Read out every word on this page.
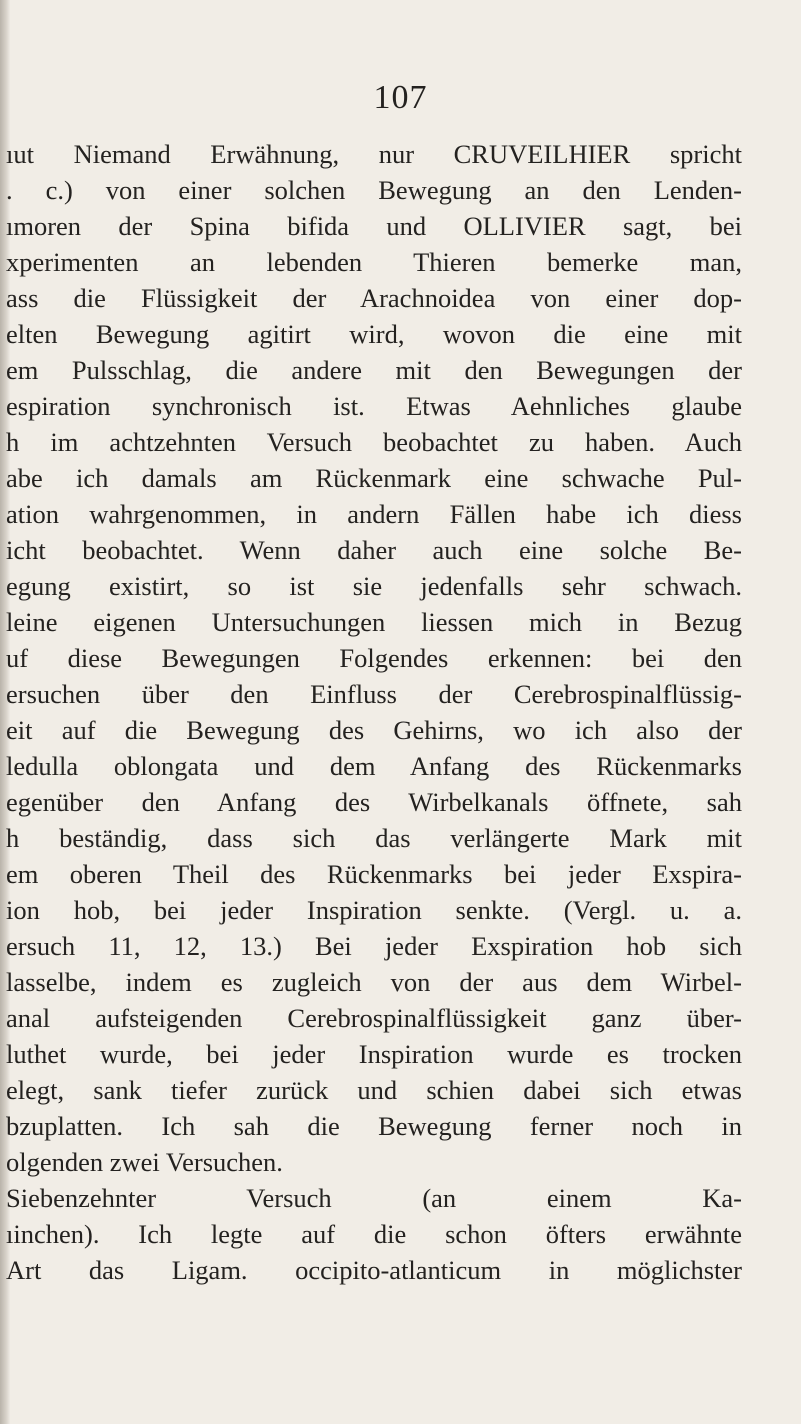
107
ıut Niemand Erwähnung, nur CRUVEILHIER spricht
. c.) von einer solchen Bewegung an den Lenden-
ımoren der Spina bifida und OLLIVIER sagt, bei
xperimenten an lebenden Thieren bemerke man,
ass die Flüssigkeit der Arachnoidea von einer dop-
elten Bewegung agitirt wird, wovon die eine mit
em Pulsschlag, die andere mit den Bewegungen der
espiration synchronisch ist. Etwas Aehnliches glaube
h im achtzehnten Versuch beobachtet zu haben. Auch
abe ich damals am Rückenmark eine schwache Pul-
ation wahrgenommen, in andern Fällen habe ich diess
icht beobachtet. Wenn daher auch eine solche Be-
egung existirt, so ist sie jedenfalls sehr schwach.
leine eigenen Untersuchungen liessen mich in Bezug
uf diese Bewegungen Folgendes erkennen: bei den
ersuchen über den Einfluss der Cerebrospinalflüssig-
eit auf die Bewegung des Gehirns, wo ich also der
ledulla oblongata und dem Anfang des Rückenmarks
egenüber den Anfang des Wirbelkanals öffnete, sah
h beständig, dass sich das verlängerte Mark mit
em oberen Theil des Rückenmarks bei jeder Exspira-
ion hob, bei jeder Inspiration senkte. (Vergl. u. a.
ersuch 11, 12, 13.) Bei jeder Exspiration hob sich
lasselbe, indem es zugleich von der aus dem Wirbel-
anal aufsteigenden Cerebrospinalflüssigkeit ganz über-
luthet wurde, bei jeder Inspiration wurde es trocken
elegt, sank tiefer zurück und schien dabei sich etwas
bzuplatten. Ich sah die Bewegung ferner noch in
olgenden zwei Versuchen.
Siebenzehnter Versuch (an einem Ka-
ıinchen). Ich legte auf die schon öfters erwähnte
Art das Ligam. occipito-atlanticum in möglichster
